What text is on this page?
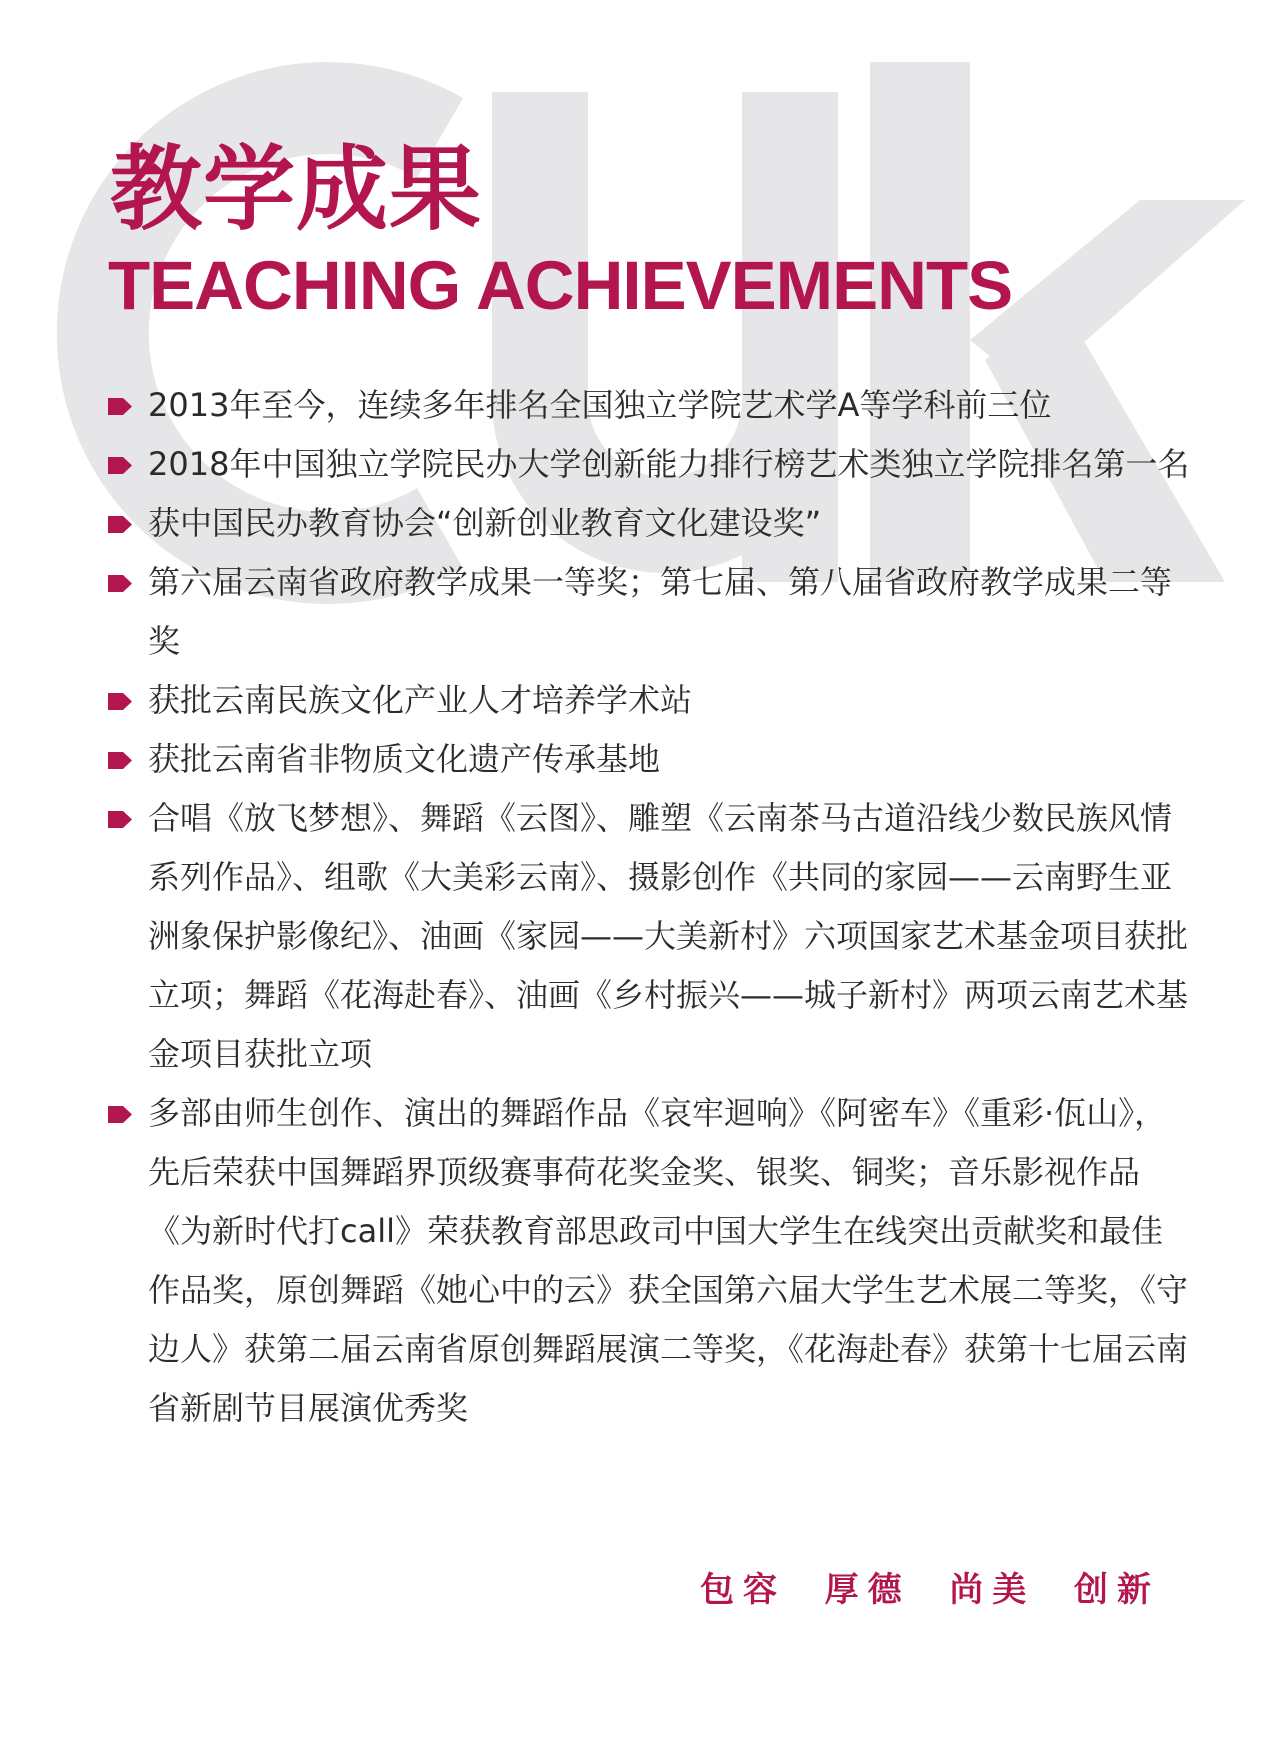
教学成果
TEACHING ACHIEVEMENTS
2013年至今，连续多年排名全国独立学院艺术学A等学科前三位
2018年中国独立学院民办大学创新能力排行榜艺术类独立学院排名第一名
获中国民办教育协会“创新创业教育文化建设奖”
第六届云南省政府教学成果一等奖；第七届、第八届省政府教学成果二等奖
获批云南民族文化产业人才培养学术站
获批云南省非物质文化遗产传承基地
合唱《放飞梦想》、舞蹈《云图》、雕塑《云南茶马古道沿线少数民族风情系列作品》、组歌《大美彩云南》、摄影创作《共同的家园——云南野生亚洲象保护影像纪》、油画《家园——大美新村》六项国家艺术基金项目获批立项；舞蹈《花海赴春》、油画《乡村振兴——城子新村》两项云南艺术基金项目获批立项
多部由师生创作、演出的舞蹈作品《哀牢迴响》《阿密车》《重彩·佤山》，先后荣获中国舞蹈界顶级赛事荷花奖金奖、银奖、铜奖；音乐影视作品《为新时代打call》荣获教育部思政司中国大学生在线突出贡献奖和最佳作品奖，原创舞蹈《她心中的云》获全国第六届大学生艺术展二等奖，《守边人》获第二届云南省原创舞蹈展演二等奖，《花海赴春》获第十七届云南省新剧节目展演优秀奖
包容 厚德 尚美 创新
